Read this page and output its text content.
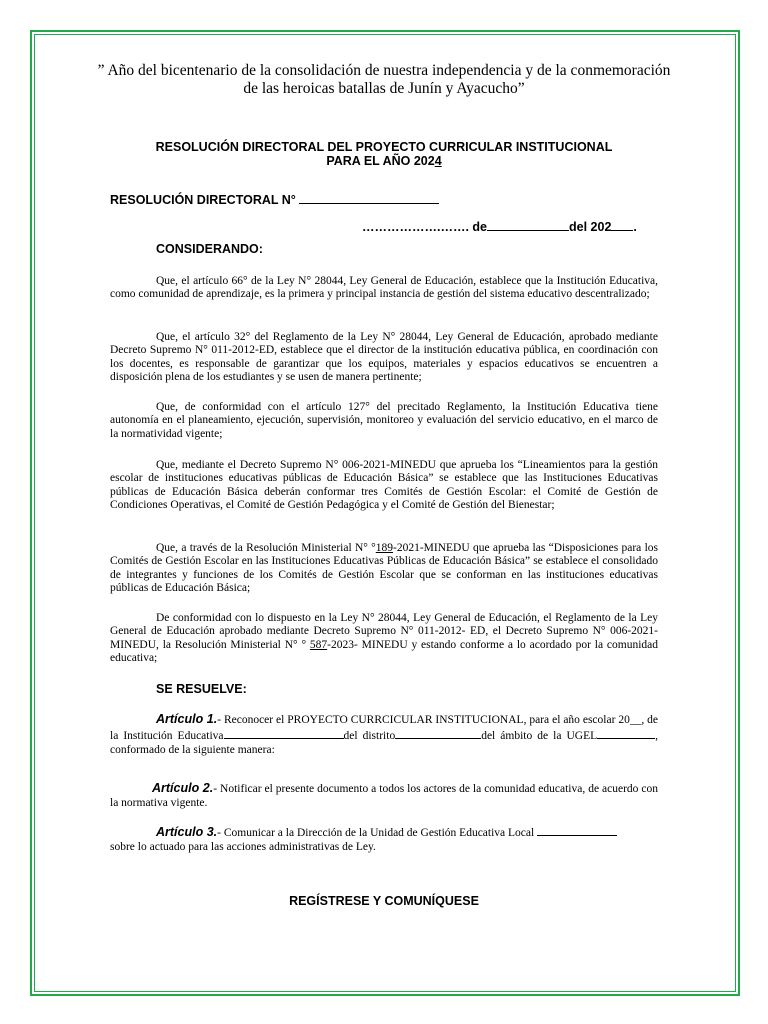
” Año del bicentenario de la consolidación de nuestra independencia y de la conmemoración
de las heroicas batallas de Junín y Ayacucho”
RESOLUCIÓN DIRECTORAL DEL PROYECTO CURRICULAR INSTITUCIONAL
PARA EL AÑO 2024
RESOLUCIÓN DIRECTORAL N°
……………….……. de	del 202 .
CONSIDERANDO:
Que, el artículo 66° de la Ley N° 28044, Ley General de Educación, establece que la Institución Educativa, como comunidad de aprendizaje, es la primera y principal instancia de gestión del sistema educativo descentralizado;
Que, el artículo 32° del Reglamento de la Ley N° 28044, Ley General de Educación, aprobado mediante Decreto Supremo N° 011-2012-ED, establece que el director de la institución educativa pública, en coordinación con los docentes, es responsable de garantizar que los equipos, materiales y espacios educativos se encuentren a disposición plena de los estudiantes y se usen de manera pertinente;
Que, de conformidad con el artículo 127° del precitado Reglamento, la Institución Educativa tiene autonomía en el planeamiento, ejecución, supervisión, monitoreo y evaluación del servicio educativo, en el marco de la normatividad vigente;
Que, mediante el Decreto Supremo N° 006-2021-MINEDU que aprueba los “Lineamientos para la gestión escolar de instituciones educativas públicas de Educación Básica” se establece que las Instituciones Educativas públicas de Educación Básica deberán conformar tres Comités de Gestión Escolar: el Comité de Gestión de Condiciones Operativas, el Comité de Gestión Pedagógica y el Comité de Gestión del Bienestar;
Que, a través de la Resolución Ministerial N° °189-2021-MINEDU que aprueba las “Disposiciones para los Comités de Gestión Escolar en las Instituciones Educativas Públicas de Educación Básica” se establece el consolidado de integrantes y funciones de los Comités de Gestión Escolar que se conforman en las instituciones educativas públicas de Educación Básica;
De conformidad con lo dispuesto en la Ley N° 28044, Ley General de Educación, el Reglamento de la Ley General de Educación aprobado mediante Decreto Supremo N° 011-2012- ED, el Decreto Supremo N° 006-2021-MINEDU, la Resolución Ministerial N° ° 587-2023- MINEDU y estando conforme a lo acordado por la comunidad educativa;
SE RESUELVE:
Artículo 1.- Reconocer el PROYECTO CURRCICULAR INSTITUCIONAL, para el año escolar 20__, de la Institución Educativa	del distrito	del ámbito de la UGEL	, conformado de la siguiente manera:
Artículo 2.- Notificar el presente documento a todos los actores de la comunidad educativa, de acuerdo con la normativa vigente.
Artículo 3.- Comunicar a la Dirección de la Unidad de Gestión Educativa Local
sobre lo actuado para las acciones administrativas de Ley.
REGÍSTRESE Y COMUNÍQUESE
